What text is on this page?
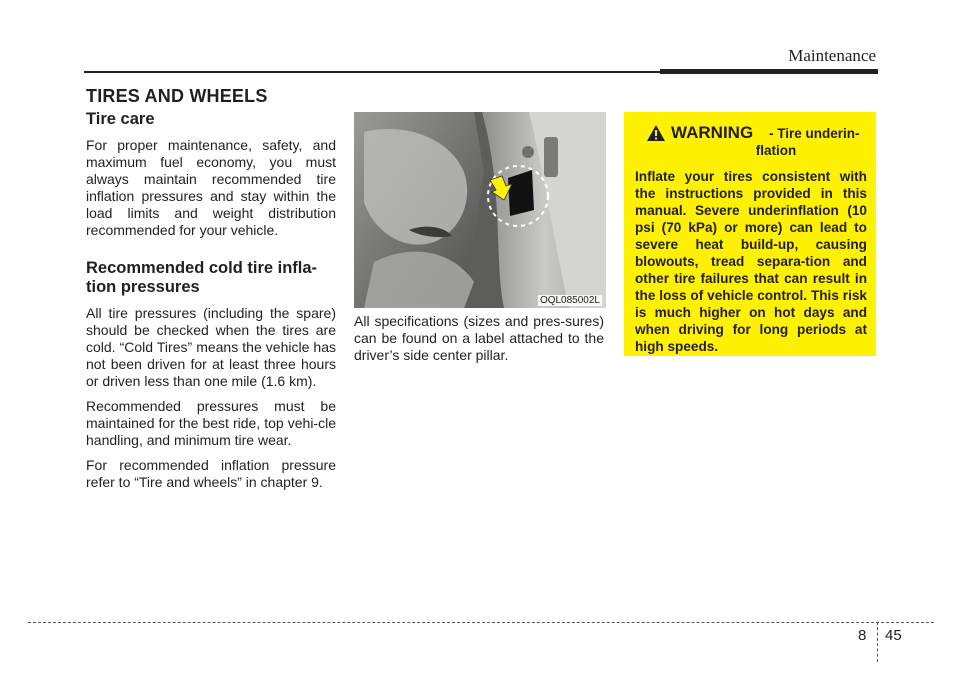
Maintenance
TIRES AND WHEELS

Tire care

For proper maintenance, safety, and maximum fuel economy, you must always maintain recommended tire inflation pressures and stay within the load limits and weight distribution recommended for your vehicle.

Recommended cold tire infla-tion pressures

All tire pressures (including the spare) should be checked when the tires are cold. “Cold Tires” means the vehicle has not been driven for at least three hours or driven less than one mile (1.6 km).

Recommended pressures must be maintained for the best ride, top vehi-cle handling, and minimum tire wear.

For recommended inflation pressure refer to “Tire and wheels” in chapter 9.

OQL085002L

All specifications (sizes and pres-sures) can be found on a label attached to the driver’s side center pillar.

WARNING - Tire underin-
flation

Inflate your tires consistent with the instructions provided in this manual. Severe underinflation (10 psi (70 kPa) or more) can lead to severe heat build-up, causing blowouts, tread separa-tion and other tire failures that can result in the loss of vehicle control. This risk is much higher on hot days and when driving for long periods at high speeds.

8 45
